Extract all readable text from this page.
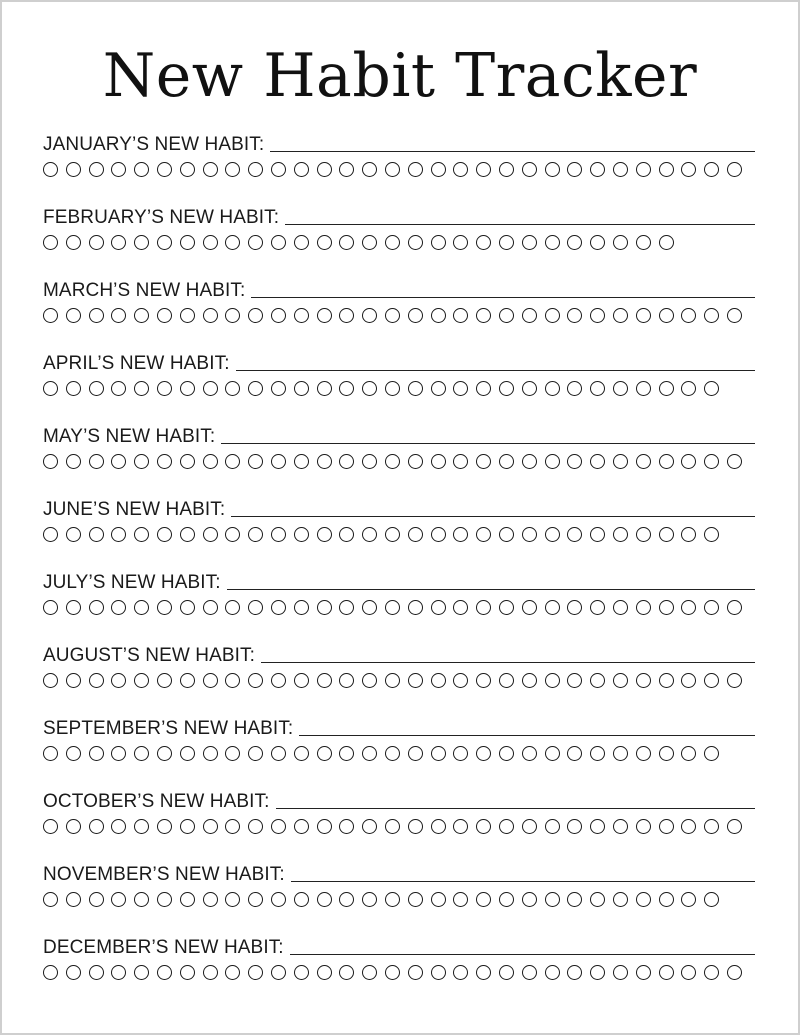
New Habit Tracker
JANUARY’S NEW HABIT:
FEBRUARY’S NEW HABIT:
MARCH’S NEW HABIT:
APRIL’S NEW HABIT:
MAY’S NEW HABIT:
JUNE’S NEW HABIT:
JULY’S NEW HABIT:
AUGUST’S NEW HABIT:
SEPTEMBER’S NEW HABIT:
OCTOBER’S NEW HABIT:
NOVEMBER’S NEW HABIT:
DECEMBER’S NEW HABIT:
